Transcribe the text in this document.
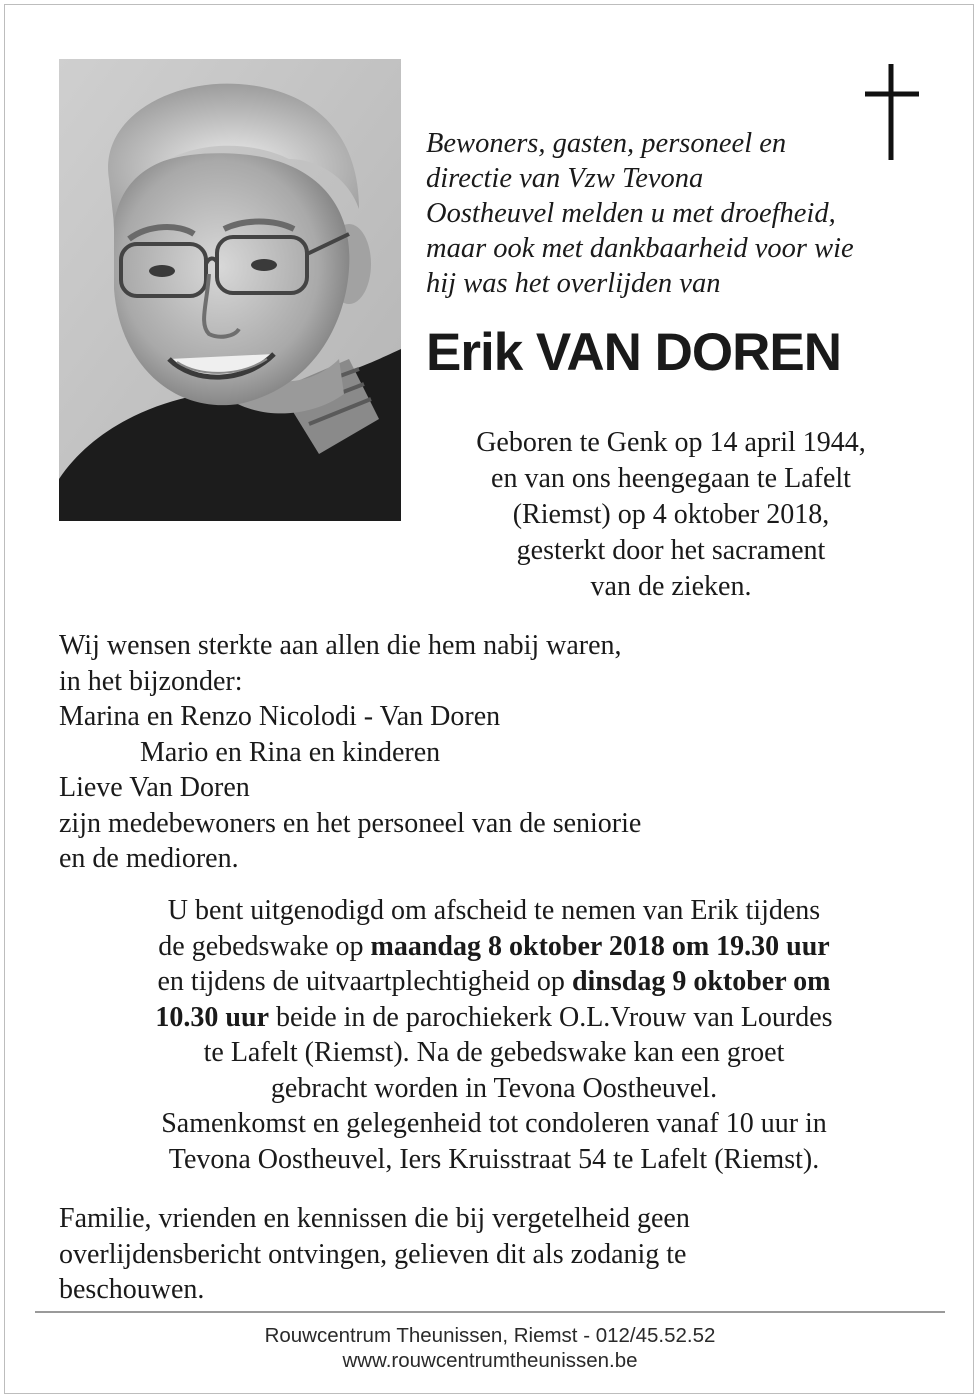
Bewoners, gasten, personeel en
directie van Vzw Tevona
Oostheuvel melden u met droefheid,
maar ook met dankbaarheid voor wie
hij was het overlijden van
Erik VAN DOREN
Geboren te Genk op 14 april 1944,
en van ons heengegaan te Lafelt
(Riemst) op 4 oktober 2018,
gesterkt door het sacrament
van de zieken.
Wij wensen sterkte aan allen die hem nabij waren,
in het bijzonder:
Marina en Renzo Nicolodi - Van Doren
Mario en Rina en kinderen
Lieve Van Doren
zijn medebewoners en het personeel van de seniorie
en de medioren.
U bent uitgenodigd om afscheid te nemen van Erik tijdens
de gebedswake op maandag 8 oktober 2018 om 19.30 uur
en tijdens de uitvaartplechtigheid op dinsdag 9 oktober om
10.30 uur beide in de parochiekerk O.L.Vrouw van Lourdes
te Lafelt (Riemst). Na de gebedswake kan een groet
gebracht worden in Tevona Oostheuvel.
Samenkomst en gelegenheid tot condoleren vanaf 10 uur in
Tevona Oostheuvel, Iers Kruisstraat 54 te Lafelt (Riemst).
Familie, vrienden en kennissen die bij vergetelheid geen
overlijdensbericht ontvingen, gelieven dit als zodanig te
beschouwen.
Rouwcentrum Theunissen, Riemst - 012/45.52.52
www.rouwcentrumtheunissen.be
